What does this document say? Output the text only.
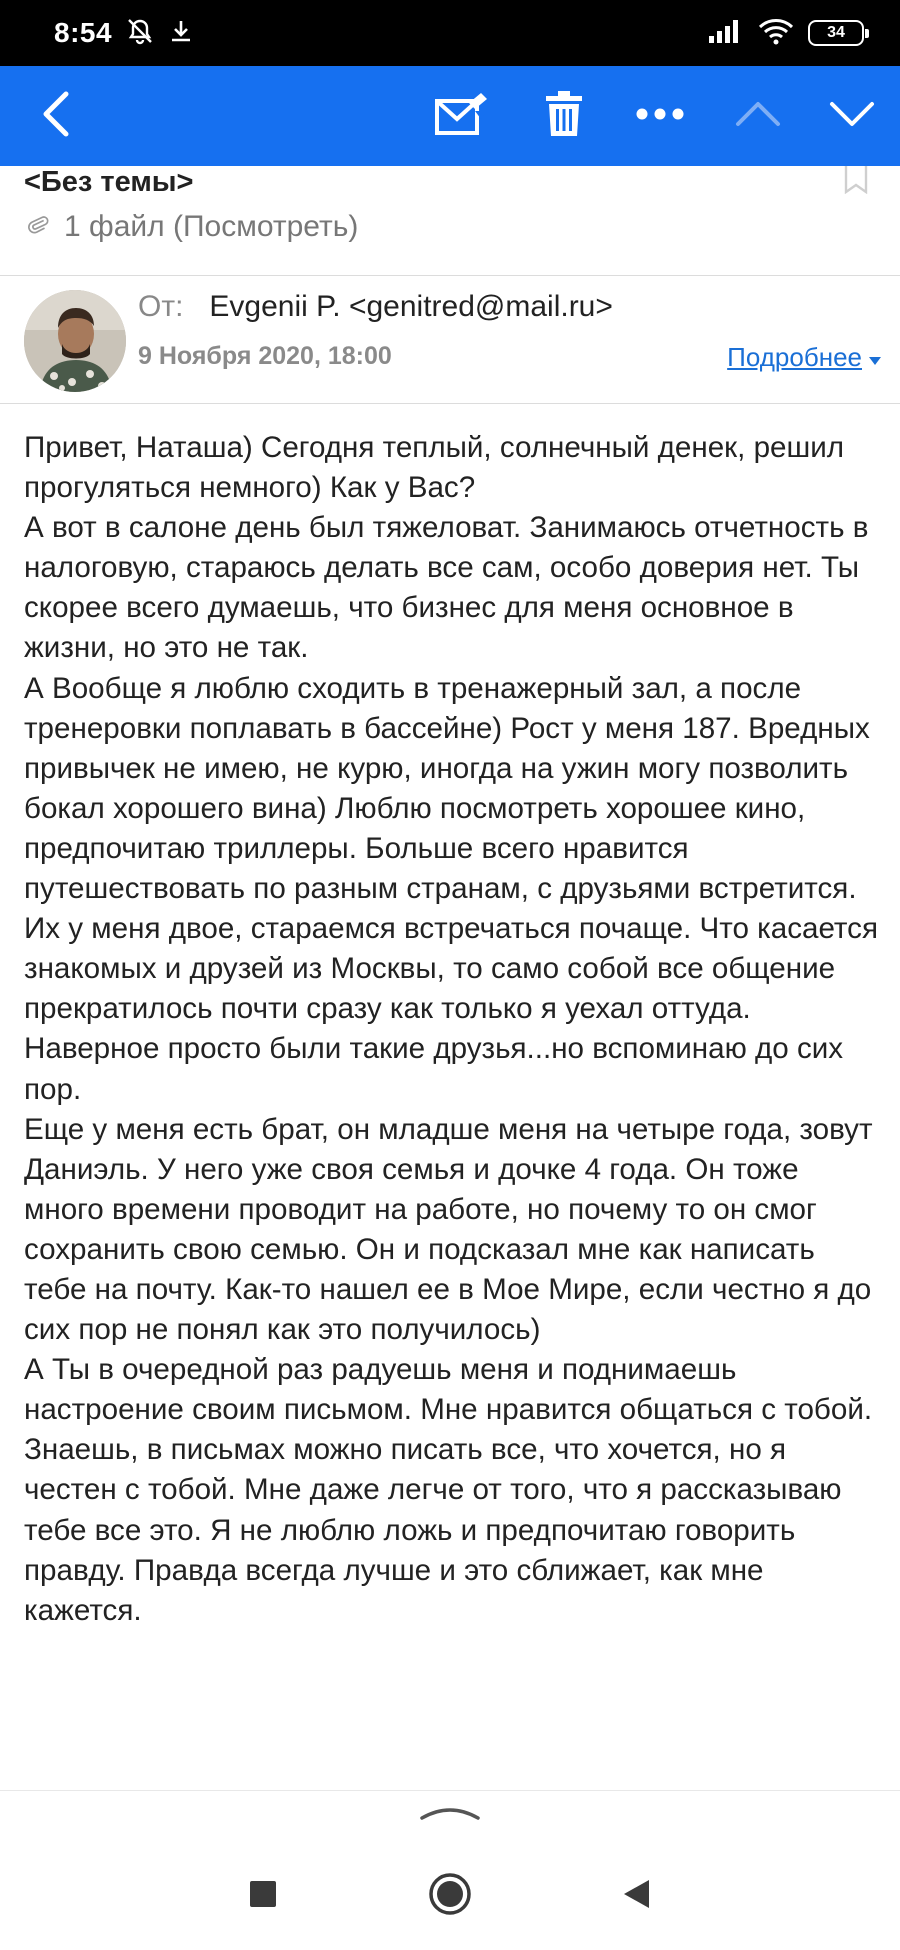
8:54	34
<Без темы>
1 файл (Посмотреть)
От: Evgenii P. <genitred@mail.ru>
9 Ноября 2020, 18:00	Подробнее

Привет, Наташа) Сегодня теплый, солнечный денек, решил прогуляться немного) Как у Вас?

А вот в салоне день был тяжеловат. Занимаюсь отчетность в налоговую, стараюсь делать все сам, особо доверия нет. Ты скорее всего думаешь, что бизнес для меня основное в жизни, но это не так.

А Вообще я люблю сходить в тренажерный зал, а после тренеровки поплавать в бассейне) Рост у меня 187. Вредных привычек не имею, не курю, иногда на ужин могу позволить бокал хорошего вина) Люблю посмотреть хорошее кино, предпочитаю триллеры. Больше всего нравится путешествовать по разным странам, с друзьями встретится. Их у меня двое, стараемся встречаться почаще. Что касается знакомых и друзей из Москвы, то само собой все общение прекратилось почти сразу как только я уехал оттуда. Наверное просто были такие друзья...но вспоминаю до сих пор.

Еще у меня есть брат, он младше меня на четыре года, зовут Даниэль. У него уже своя семья и дочке 4 года. Он тоже много времени проводит на работе, но почему то он смог сохранить свою семью. Он и подсказал мне как написать тебе на почту. Как-то нашел ее в Мое Мире, если честно я до сих пор не понял как это получилось)

А Ты в очередной раз радуешь меня и поднимаешь настроение своим письмом. Мне нравится общаться с тобой. Знаешь, в письмах можно писать все, что хочется, но я честен с тобой. Мне даже легче от того, что я рассказываю тебе все это. Я не люблю ложь и предпочитаю говорить правду. Правда всегда лучше и это сближает, как мне кажется.
